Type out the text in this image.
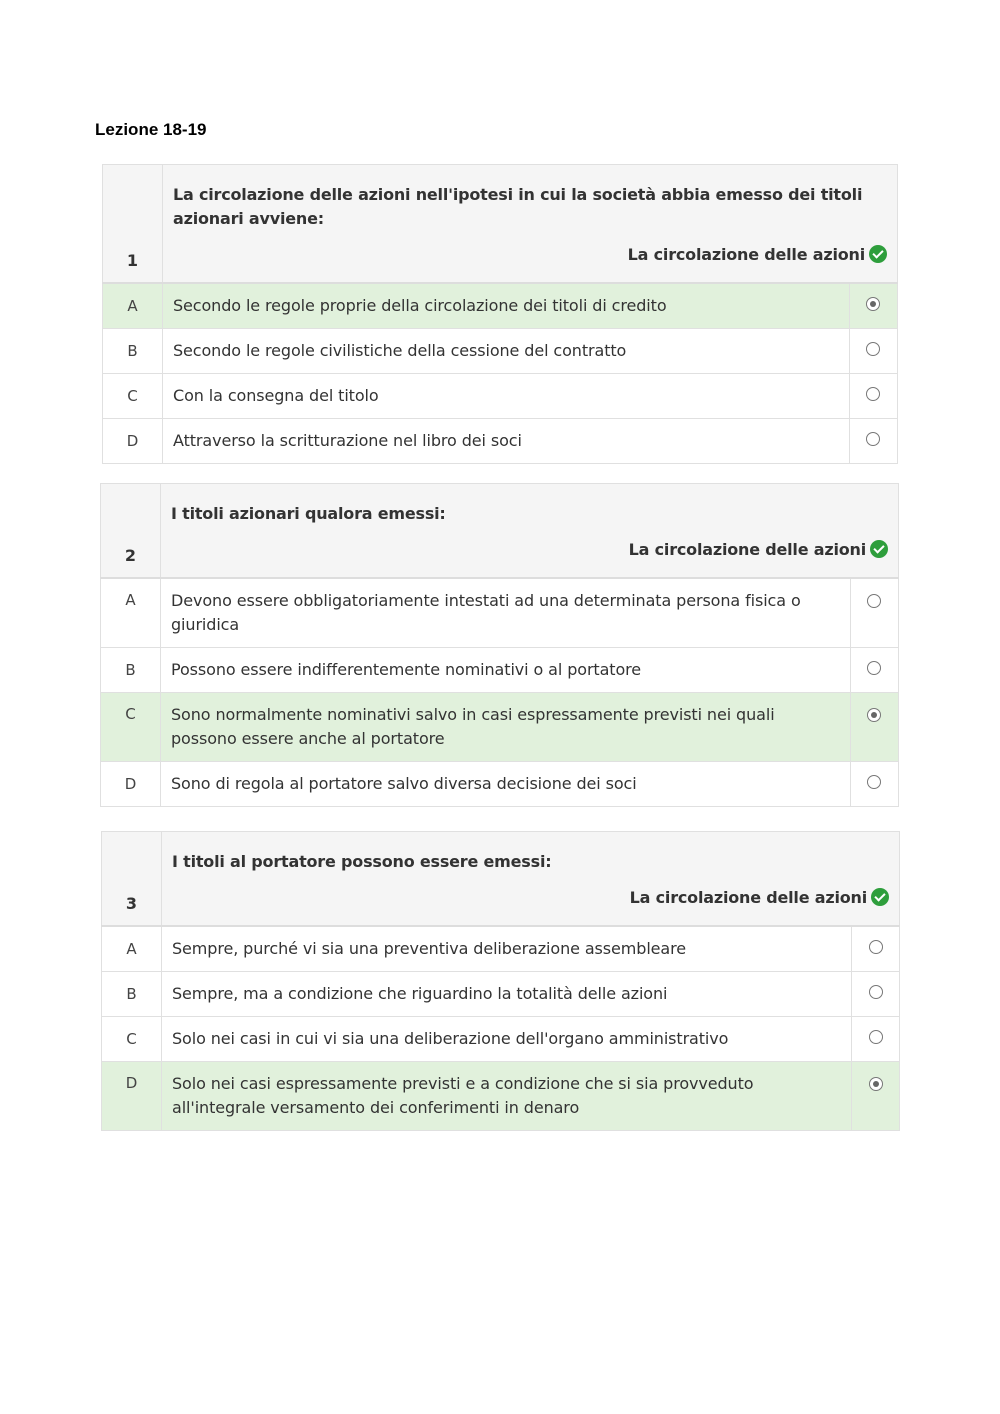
Lezione 18-19
1	La circolazione delle azioni nell'ipotesi in cui la società abbia emesso dei titoli azionari avviene:
La circolazione delle azioni	

A	Secondo le regole proprie della circolazione dei titoli di credito	
B	Secondo le regole civilistiche della cessione del contratto	
C	Con la consegna del titolo	
D	Attraverso la scritturazione nel libro dei soci	
2	I titoli azionari qualora emessi:
La circolazione delle azioni	

A	Devono essere obbligatoriamente intestati ad una determinata persona fisica o giuridica	
B	Possono essere indifferentemente nominativi o al portatore	
C	Sono normalmente nominativi salvo in casi espressamente previsti nei quali possono essere anche al portatore	
D	Sono di regola al portatore salvo diversa decisione dei soci	
3	I titoli al portatore possono essere emessi:
La circolazione delle azioni	

A	Sempre, purché vi sia una preventiva deliberazione assembleare	
B	Sempre, ma a condizione che riguardino la totalità delle azioni	
C	Solo nei casi in cui vi sia una deliberazione dell'organo amministrativo	
D	Solo nei casi espressamente previsti e a condizione che si sia provveduto all'integrale versamento dei conferimenti in denaro	
